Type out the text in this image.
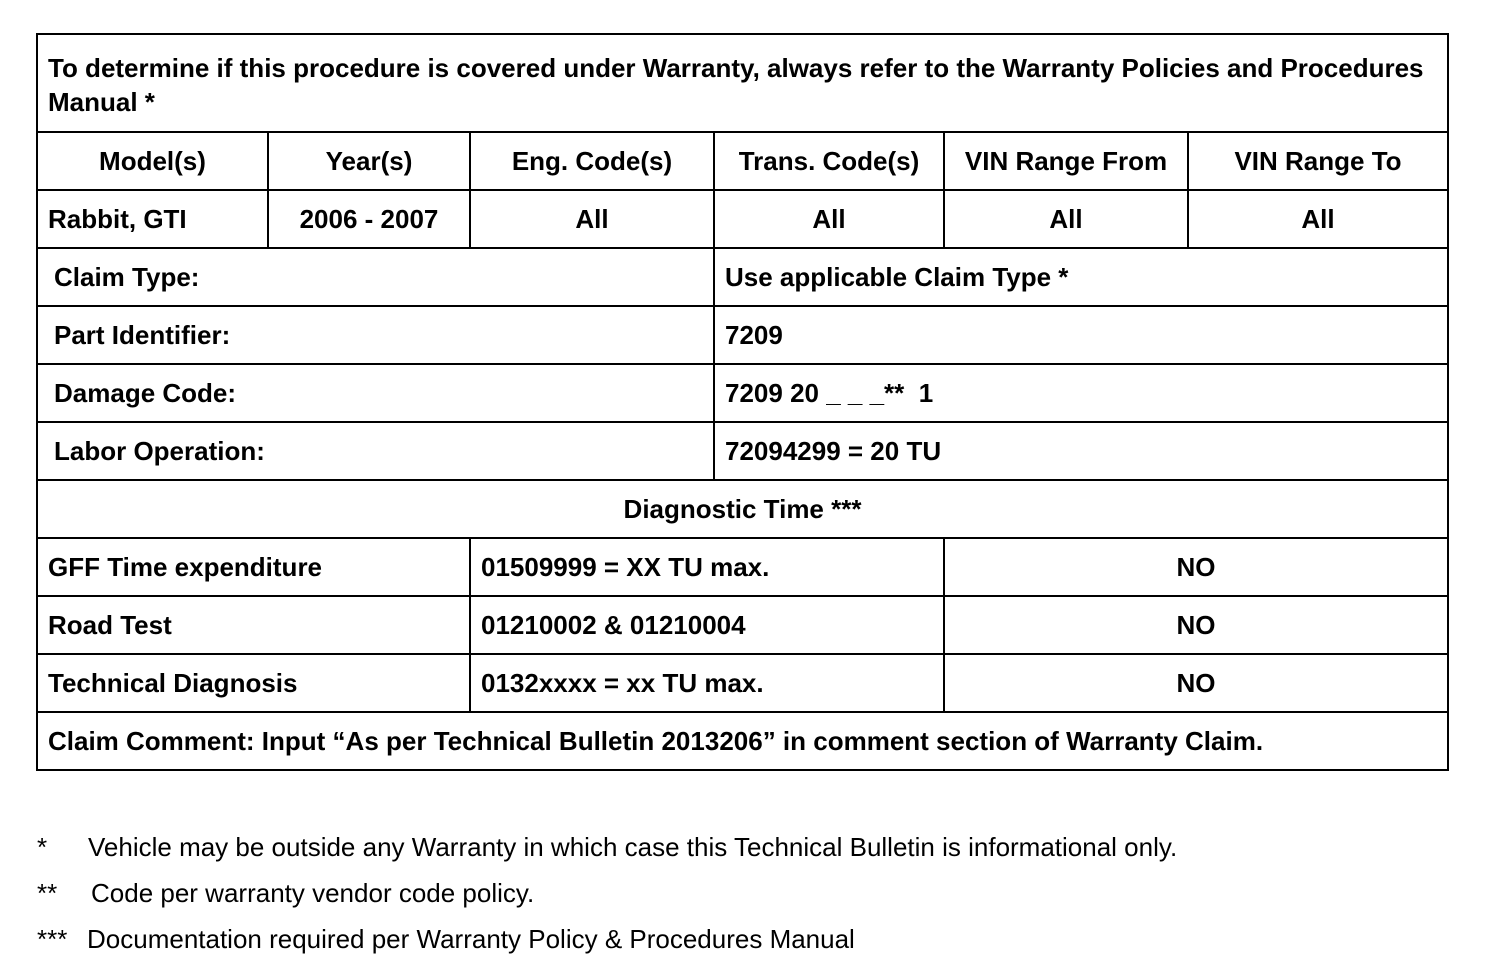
To determine if this procedure is covered under Warranty, always refer to the Warranty Policies and Procedures Manual *					
Model(s)	Year(s)	Eng. Code(s)	Trans. Code(s)	VIN Range From	VIN Range To
Rabbit, GTI	2006 - 2007	All	All	All	All
Claim Type:			Use applicable Claim Type *		
Part Identifier:			7209		
Damage Code:			7209 20 _ _ _**  1		
Labor Operation:			72094299 = 20 TU		
Diagnostic Time ***					
GFF Time expenditure		01509999 = XX TU max.		NO	
Road Test		01210002 & 01210004		NO	
Technical Diagnosis		0132xxxx = xx TU max.		NO	
Claim Comment: Input “As per Technical Bulletin 2013206” in comment section of Warranty Claim.					
*	Vehicle may be outside any Warranty in which case this Technical Bulletin is informational only.
**	Code per warranty vendor code policy.
*** Documentation required per Warranty Policy & Procedures Manual
